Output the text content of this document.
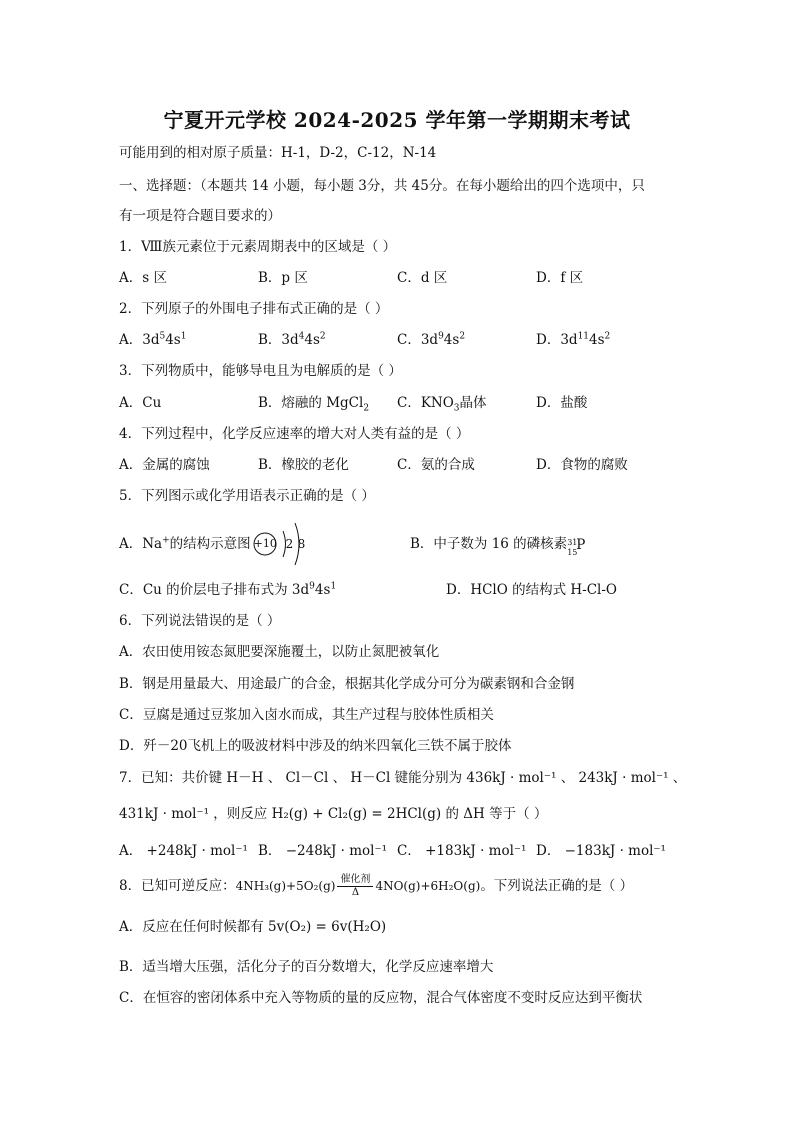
宁夏开元学校 2024-2025 学年第一学期期末考试
可能用到的相对原子质量：H-1，D-2，C-12，N-14
一、选择题：（本题共 14 小题，每小题 3分，共 45分。在每小题给出的四个选项中，只
有一项是符合题目要求的）
1．Ⅷ族元素位于元素周期表中的区域是（ ）
A．s 区	B．p 区	C．d 区	D．f 区
2．下列原子的外围电子排布式正确的是（ ）
A．$3d^54s^1$	B．$3d^44s^2$	C．$3d^94s^2$	D．$3d^{11}4s^2$
3．下列物质中，能够导电且为电解质的是（ ）
A．Cu	B．熔融的 MgCl$_2$ C．$KNO_3$晶体	D．盐酸
4．下列过程中，化学反应速率的增大对人类有益的是（ ）
A．金属的腐蚀	B．橡胶的老化	C．氨的合成	D．食物的腐败
5．下列图示或化学用语表示正确的是（ ）
A．Na+的结构示意图 +10 2 8	B．中子数为 16 的磷核素 31
15
P
C．Cu 的价层电子排布式为 $3d^94s^1$	D．HClO 的结构式 H-Cl-O
6．下列说法错误的是（ ）
A．农田使用铵态氮肥要深施覆土，以防止氮肥被氧化
B．钢是用量最大、用途最广的合金，根据其化学成分可分为碳素钢和合金钢
C．豆腐是通过豆浆加入卤水而成，其生产过程与胶体性质相关
D．歼－20飞机上的吸波材料中涉及的纳米四氧化三铁不属于胶体
7．已知：共价键 H－H 、 Cl－Cl 、 H－Cl 键能分别为 436kJ · mol⁻¹ 、 243kJ · mol⁻¹ 、
431kJ · mol⁻¹ ，则反应 H₂(g) + Cl₂(g) = 2HCl(g) 的 ΔH 等于（ ）
A． +248kJ · mol⁻¹ B． −248kJ · mol⁻¹ C． +183kJ · mol⁻¹ D． −183kJ · mol⁻¹
8．已知可逆反应： $4NH_3(g)+5O_2(g) \frac{\text{催化剂}}{\Delta} 4NO(g)+6H_2O(g)$ 。下列说法正确的是（ ）
A．反应在任何时候都有 5v(O₂) = 6v(H₂O)
B．适当增大压强，活化分子的百分数增大，化学反应速率增大
C．在恒容的密闭体系中充入等物质的量的反应物，混合气体密度不变时反应达到平衡状
